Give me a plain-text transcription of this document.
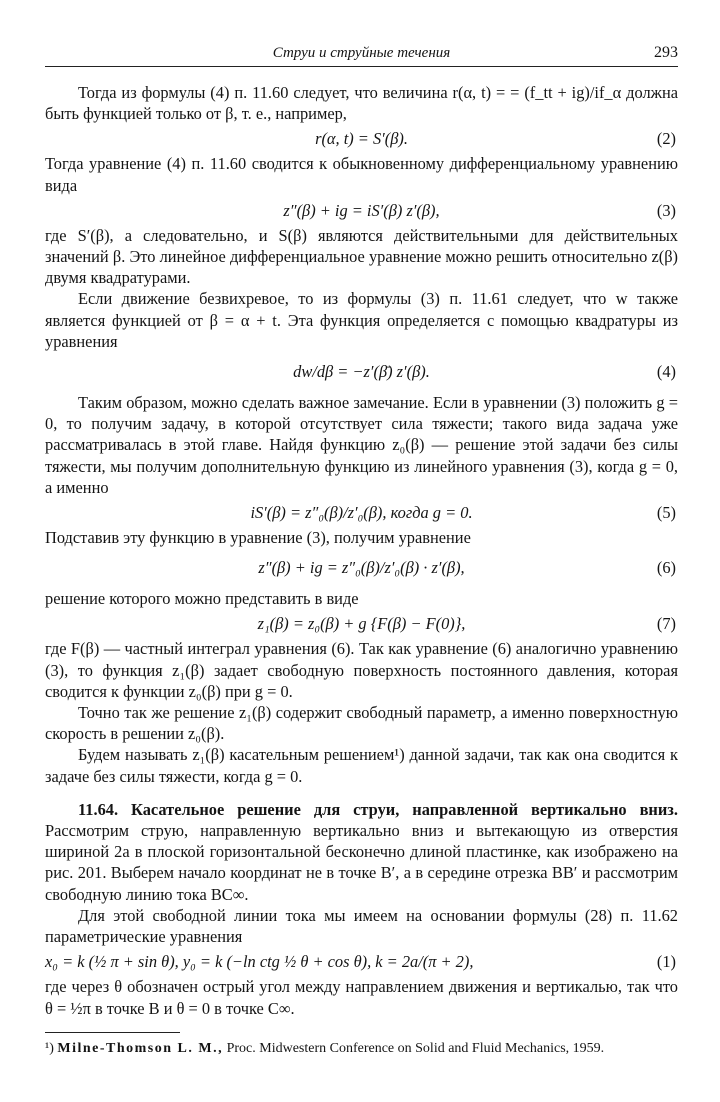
Струи и струйные течения	293

Тогда из формулы (4) п. 11.60 следует, что величина r(α, t) = = (f_tt + ig)/if_α должна быть функцией только от β, т. е., например,

r(α, t) = S′(β).	(2)

Тогда уравнение (4) п. 11.60 сводится к обыкновенному дифференциальному уравнению вида

z″(β) + ig = iS′(β) z′(β),	(3)

где S′(β), а следовательно, и S(β) являются действительными для действительных значений β. Это линейное дифференциальное уравнение можно решить относительно z(β) двумя квадратурами.

Если движение безвихревое, то из формулы (3) п. 11.61 следует, что w также является функцией от β = α + t. Эта функция определяется с помощью квадратуры из уравнения

dw/dβ = −z′(β̄) z′(β).	(4)

Таким образом, можно сделать важное замечание. Если в уравнении (3) положить g = 0, то получим задачу, в которой отсутствует сила тяжести; такого вида задача уже рассматривалась в этой главе. Найдя функцию z₀(β) — решение этой задачи без силы тяжести, мы получим дополнительную функцию из линейного уравнения (3), когда g = 0, а именно

iS′(β) = z″₀(β)/z′₀(β), когда g = 0.	(5)

Подставив эту функцию в уравнение (3), получим уравнение

z″(β) + ig = z″₀(β)/z′₀(β) · z′(β),	(6)

решение которого можно представить в виде

z₁(β) = z₀(β) + g {F(β) − F(0)},	(7)

где F(β) — частный интеграл уравнения (6). Так как уравнение (6) аналогично уравнению (3), то функция z₁(β) задает свободную поверхность постоянного давления, которая сводится к функции z₀(β) при g = 0.

Точно так же решение z₁(β) содержит свободный параметр, а именно поверхностную скорость в решении z₀(β).

Будем называть z₁(β) касательным решением¹) данной задачи, так как она сводится к задаче без силы тяжести, когда g = 0.

11.64. Касательное решение для струи, направленной вертикально вниз. Рассмотрим струю, направленную вертикально вниз и вытекающую из отверстия шириной 2a в плоской горизонтальной бесконечно длиной пластинке, как изображено на рис. 201. Выберем начало координат не в точке B′, а в середине отрезка BB′ и рассмотрим свободную линию тока BC∞.

Для этой свободной линии тока мы имеем на основании формулы (28) п. 11.62 параметрические уравнения

x₀ = k (½ π + sin θ), y₀ = k (−ln ctg ½ θ + cos θ), k = 2a/(π + 2),	(1)

где через θ обозначен острый угол между направлением движения и вертикалью, так что θ = ½π в точке B и θ = 0 в точке C∞.

¹) Milne-Thomson L. M., Proc. Midwestern Conference on Solid and Fluid Mechanics, 1959.
